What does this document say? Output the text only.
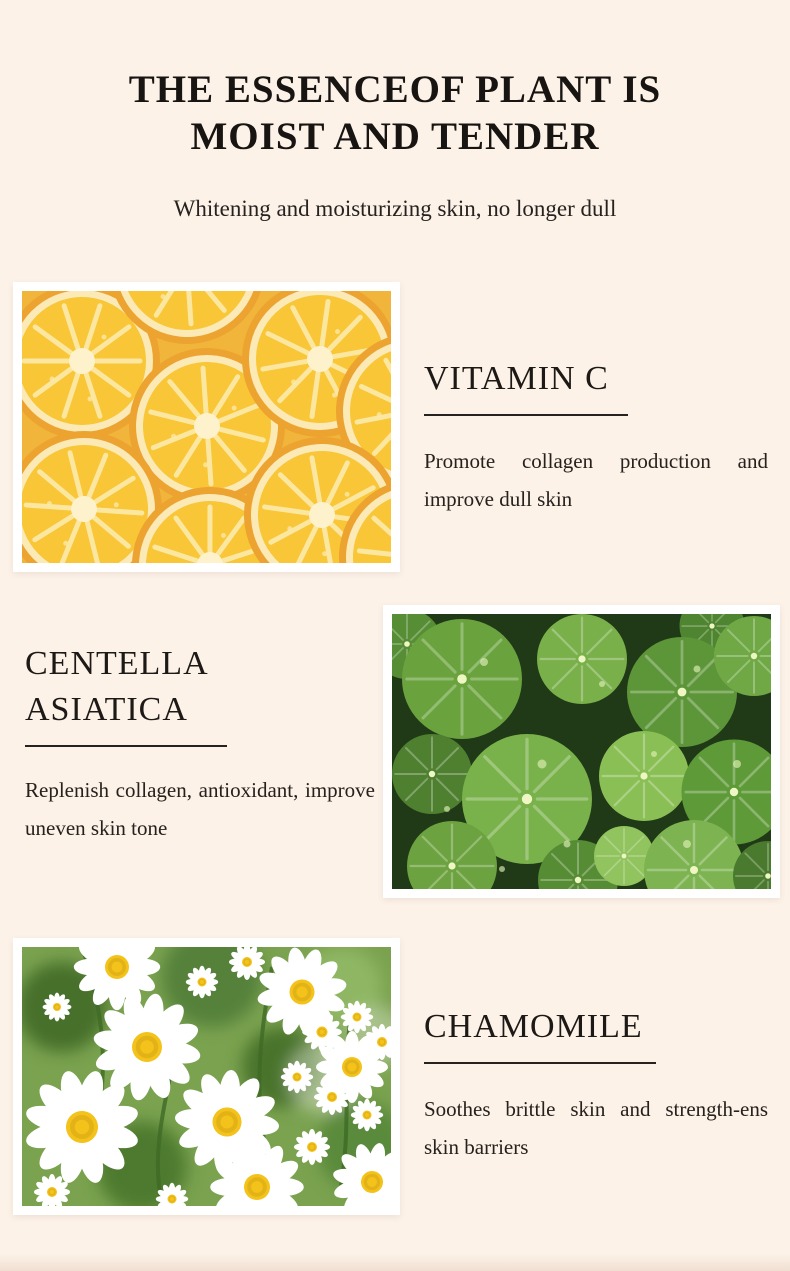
THE ESSENCEOF PLANT IS
MOIST AND TENDER

Whitening and moisturizing skin, no longer dull

VITAMIN C

Promote collagen production and improve dull skin

CENTELLA ASIATICA

Replenish collagen, antioxidant, improve uneven skin tone

CHAMOMILE

Soothes brittle skin and strength-ens skin barriers
